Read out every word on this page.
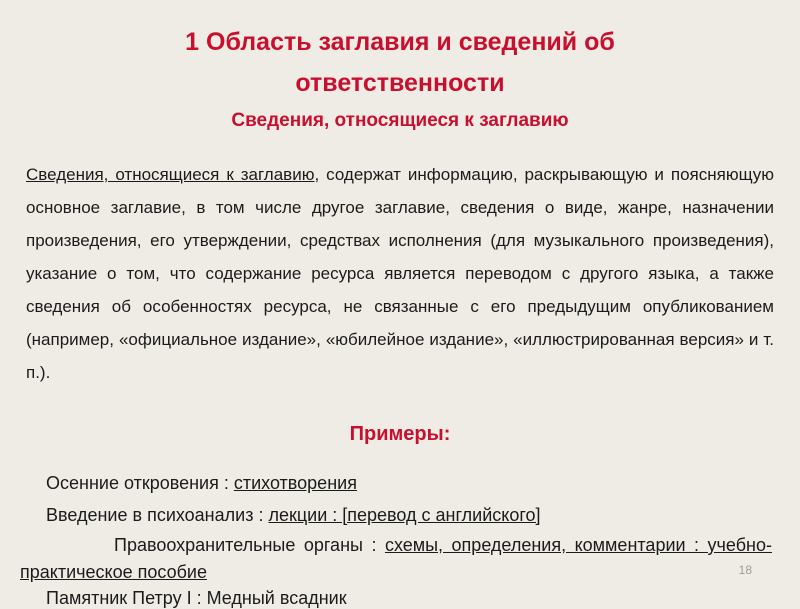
1 Область заглавия и сведений об
ответственности
Сведения, относящиеся к заглавию

Сведения, относящиеся к заглавию, содержат информацию, раскрывающую и поясняющую основное заглавие, в том числе другое заглавие, сведения о виде, жанре, назначении произведения, его утверждении, средствах исполнения (для музыкального произведения), указание о том, что содержание ресурса является переводом с другого языка, а также сведения об особенностях ресурса, не связанные с его предыдущим опубликованием (например, «официальное издание», «юбилейное издание», «иллюстрированная версия» и т. п.).

Примеры:
Осенние откровения : стихотворения
Введение в психоанализ : лекции : [перевод с английского]
Правоохранительные органы : схемы, определения, комментарии : учебно-практическое пособие
Памятник Петру I : Медный всадник
18
